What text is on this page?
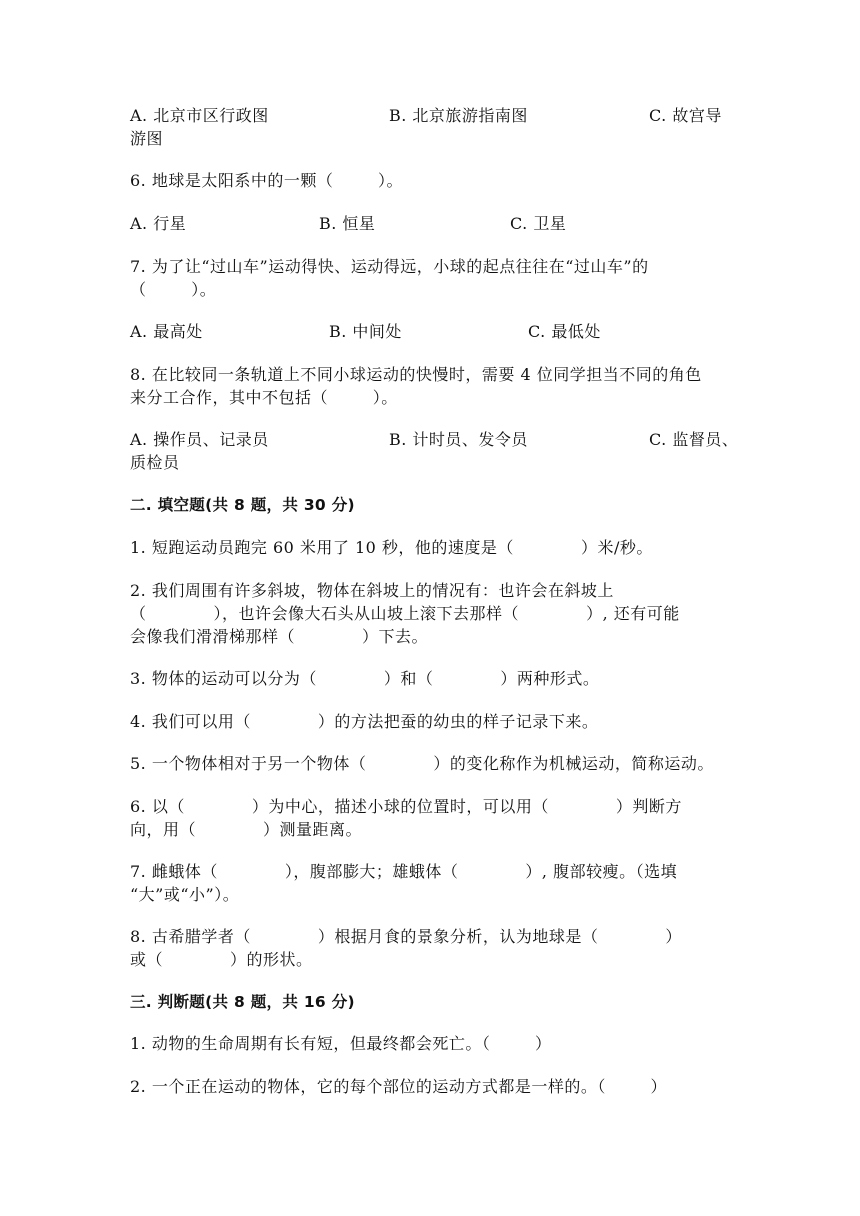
A. 北京市区行政图	B. 北京旅游指南图	C. 故宫导
游图
6. 地球是太阳系中的一颗（        ）。
A. 行星	B. 恒星	C. 卫星
7. 为了让“过山车”运动得快、运动得远，小球的起点往往在“过山车”的
（        ）。
A. 最高处	B. 中间处	C. 最低处
8. 在比较同一条轨道上不同小球运动的快慢时，需要 4 位同学担当不同的角色
来分工合作，其中不包括（        ）。
A. 操作员、记录员	B. 计时员、发令员	C. 监督员、
质检员
二. 填空题(共 8 题，共 30 分)
1. 短跑运动员跑完 60 米用了 10 秒，他的速度是（            ）米/秒。
2. 我们周围有许多斜坡，物体在斜坡上的情况有：也许会在斜坡上
（            ），也许会像大石头从山坡上滚下去那样（            ）, 还有可能
会像我们滑滑梯那样（            ）下去。
3. 物体的运动可以分为（            ）和（            ）两种形式。
4. 我们可以用（            ）的方法把蚕的幼虫的样子记录下来。
5. 一个物体相对于另一个物体（            ）的变化称作为机械运动，简称运动。
6. 以（            ）为中心，描述小球的位置时，可以用（            ）判断方
向，用（            ）测量距离。
7. 雌蛾体（            ），腹部膨大；雄蛾体（            ）, 腹部较瘦。（选填
“大”或“小”）。
8. 古希腊学者（            ）根据月食的景象分析，认为地球是（            ）
或（            ）的形状。
三. 判断题(共 8 题，共 16 分)
1. 动物的生命周期有长有短，但最终都会死亡。（        ）
2. 一个正在运动的物体，它的每个部位的运动方式都是一样的。（        ）
